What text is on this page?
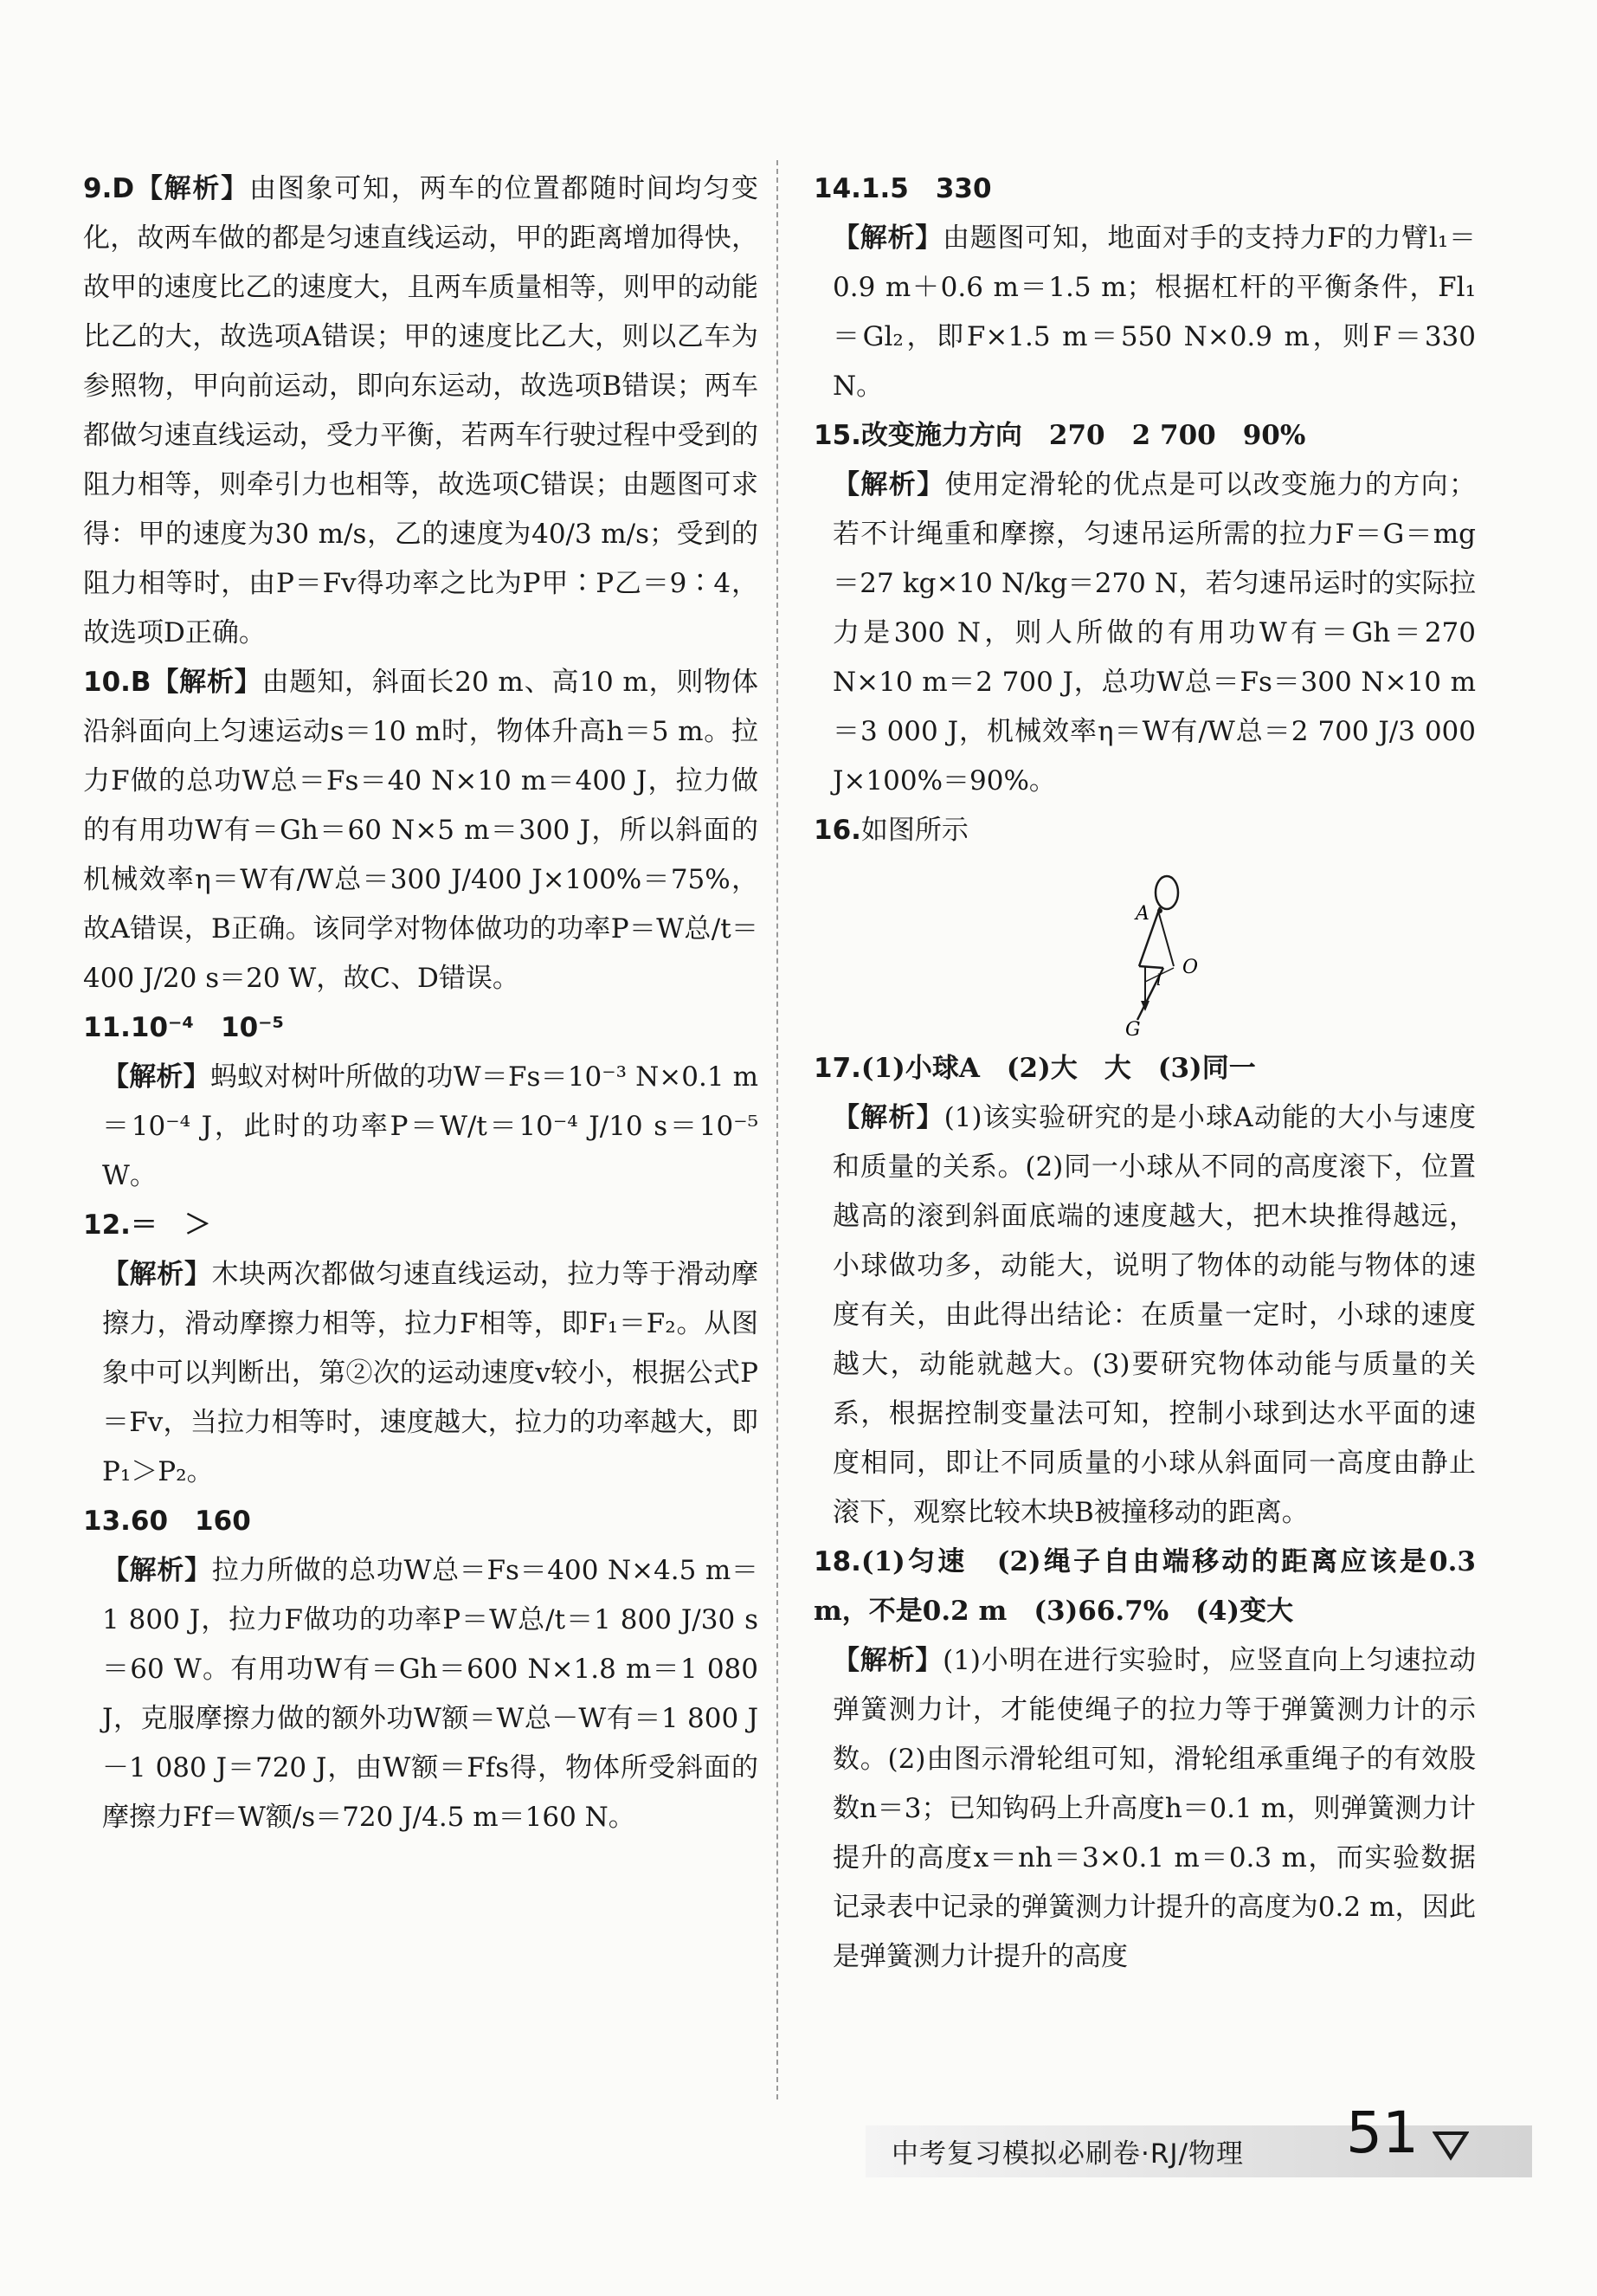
9.D【解析】由图象可知，两车的位置都随时间均匀变化，故两车做的都是匀速直线运动，甲的距离增加得快，故甲的速度比乙的速度大，且两车质量相等，则甲的动能比乙的大，故选项A错误；甲的速度比乙大，则以乙车为参照物，甲向前运动，即向东运动，故选项B错误；两车都做匀速直线运动，受力平衡，若两车行驶过程中受到的阻力相等，则牵引力也相等，故选项C错误；由题图可求得：甲的速度为30 m/s，乙的速度为40/3 m/s；受到的阻力相等时，由P＝Fv得功率之比为P甲∶P乙＝9∶4，故选项D正确。

10.B【解析】由题知，斜面长20 m、高10 m，则物体沿斜面向上匀速运动s＝10 m时，物体升高h＝5 m。拉力F做的总功W总＝Fs＝40 N×10 m＝400 J，拉力做的有用功W有＝Gh＝60 N×5 m＝300 J，所以斜面的机械效率η＝W有/W总＝300 J/400 J×100%＝75%，故A错误，B正确。该同学对物体做功的功率P＝W总/t＝400 J/20 s＝20 W，故C、D错误。

11.10⁻⁴　10⁻⁵

【解析】蚂蚁对树叶所做的功W＝Fs＝10⁻³ N×0.1 m＝10⁻⁴ J，此时的功率P＝W/t＝10⁻⁴ J/10 s＝10⁻⁵ W。

12.＝　＞

【解析】木块两次都做匀速直线运动，拉力等于滑动摩擦力，滑动摩擦力相等，拉力F相等，即F₁＝F₂。从图象中可以判断出，第②次的运动速度v较小，根据公式P＝Fv，当拉力相等时，速度越大，拉力的功率越大，即P₁＞P₂。

13.60　160

【解析】拉力所做的总功W总＝Fs＝400 N×4.5 m＝1 800 J，拉力F做功的功率P＝W总/t＝1 800 J/30 s＝60 W。有用功W有＝Gh＝600 N×1.8 m＝1 080 J，克服摩擦力做的额外功W额＝W总－W有＝1 800 J－1 080 J＝720 J，由W额＝Ffs得，物体所受斜面的摩擦力Ff＝W额/s＝720 J/4.5 m＝160 N。

14.1.5　330

【解析】由题图可知，地面对手的支持力F的力臂l₁＝0.9 m＋0.6 m＝1.5 m；根据杠杆的平衡条件，Fl₁＝Gl₂，即F×1.5 m＝550 N×0.9 m，则F＝330 N。

15.改变施力方向　270　2 700　90%

【解析】使用定滑轮的优点是可以改变施力的方向；若不计绳重和摩擦，匀速吊运所需的拉力F＝G＝mg＝27 kg×10 N/kg＝270 N，若匀速吊运时的实际拉力是300 N，则人所做的有用功W有＝Gh＝270 N×10 m＝2 700 J，总功W总＝Fs＝300 N×10 m＝3 000 J，机械效率η＝W有/W总＝2 700 J/3 000 J×100%＝90%。

16.如图所示

A
O
G
l

17.(1)小球A　(2)大　大　(3)同一

【解析】(1)该实验研究的是小球A动能的大小与速度和质量的关系。(2)同一小球从不同的高度滚下，位置越高的滚到斜面底端的速度越大，把木块推得越远，小球做功多，动能大，说明了物体的动能与物体的速度有关，由此得出结论：在质量一定时，小球的速度越大，动能就越大。(3)要研究物体动能与质量的关系，根据控制变量法可知，控制小球到达水平面的速度相同，即让不同质量的小球从斜面同一高度由静止滚下，观察比较木块B被撞移动的距离。

18.(1)匀速　(2)绳子自由端移动的距离应该是0.3 m，不是0.2 m　(3)66.7%　(4)变大

【解析】(1)小明在进行实验时，应竖直向上匀速拉动弹簧测力计，才能使绳子的拉力等于弹簧测力计的示数。(2)由图示滑轮组可知，滑轮组承重绳子的有效股数n＝3；已知钩码上升高度h＝0.1 m，则弹簧测力计提升的高度x＝nh＝3×0.1 m＝0.3 m，而实验数据记录表中记录的弹簧测力计提升的高度为0.2 m，因此是弹簧测力计提升的高度

中考复习模拟必刷卷·RJ/物理 51
